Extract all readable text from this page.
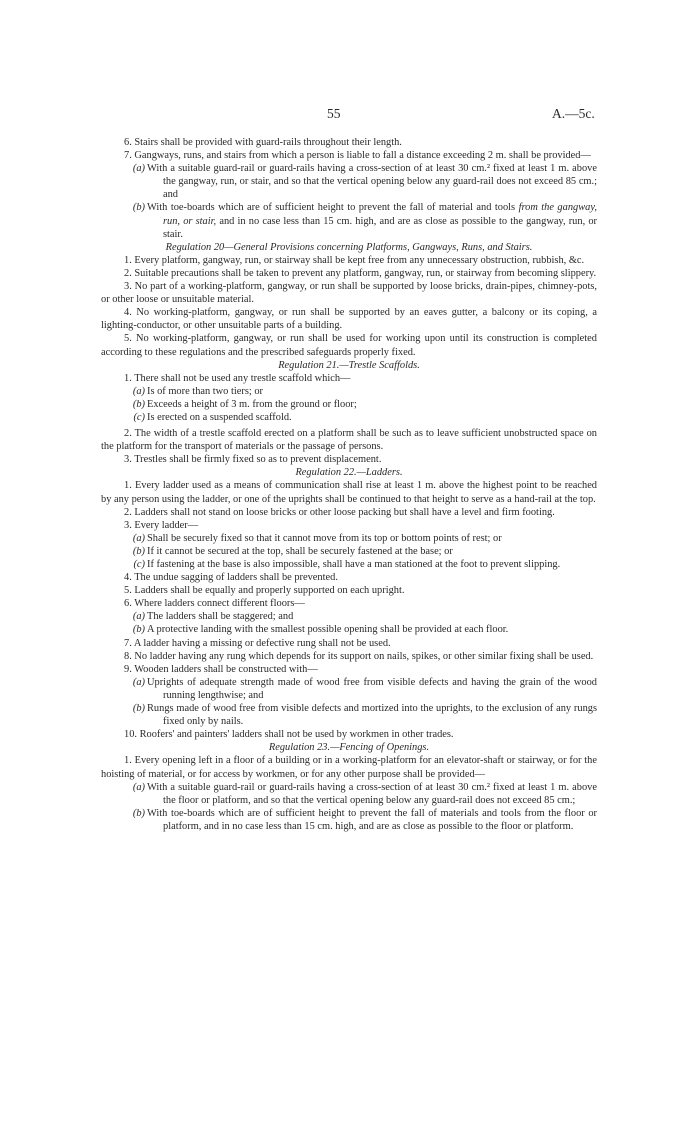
55	A.—5c.

6. Stairs shall be provided with guard-rails throughout their length.

7. Gangways, runs, and stairs from which a person is liable to fall a distance exceeding 2 m. shall be provided—

(a) With a suitable guard-rail or guard-rails having a cross-section of at least 30 cm.² fixed at least 1 m. above the gangway, run, or stair, and so that the vertical opening below any guard-rail does not exceed 85 cm.; and

(b) With toe-boards which are of sufficient height to prevent the fall of material and tools from the gangway, run, or stair, and in no case less than 15 cm. high, and are as close as possible to the gangway, run, or stair.

Regulation 20—General Provisions concerning Platforms, Gangways, Runs, and Stairs.

1. Every platform, gangway, run, or stairway shall be kept free from any unnecessary obstruction, rubbish, &c.

2. Suitable precautions shall be taken to prevent any platform, gangway, run, or stairway from becoming slippery.

3. No part of a working-platform, gangway, or run shall be supported by loose bricks, drain-pipes, chimney-pots, or other loose or unsuitable material.

4. No working-platform, gangway, or run shall be supported by an eaves gutter, a balcony or its coping, a lighting-conductor, or other unsuitable parts of a building.

5. No working-platform, gangway, or run shall be used for working upon until its construction is completed according to these regulations and the prescribed safeguards properly fixed.

Regulation 21.—Trestle Scaffolds.

1. There shall not be used any trestle scaffold which—

(a) Is of more than two tiers; or

(b) Exceeds a height of 3 m. from the ground or floor;

(c) Is erected on a suspended scaffold.

2. The width of a trestle scaffold erected on a platform shall be such as to leave sufficient unobstructed space on the platform for the transport of materials or the passage of persons.

3. Trestles shall be firmly fixed so as to prevent displacement.

Regulation 22.—Ladders.

1. Every ladder used as a means of communication shall rise at least 1 m. above the highest point to be reached by any person using the ladder, or one of the uprights shall be continued to that height to serve as a hand-rail at the top.

2. Ladders shall not stand on loose bricks or other loose packing but shall have a level and firm footing.

3. Every ladder—

(a) Shall be securely fixed so that it cannot move from its top or bottom points of rest; or

(b) If it cannot be secured at the top, shall be securely fastened at the base; or

(c) If fastening at the base is also impossible, shall have a man stationed at the foot to prevent slipping.

4. The undue sagging of ladders shall be prevented.

5. Ladders shall be equally and properly supported on each upright.

6. Where ladders connect different floors—

(a) The ladders shall be staggered; and

(b) A protective landing with the smallest possible opening shall be provided at each floor.

7. A ladder having a missing or defective rung shall not be used.

8. No ladder having any rung which depends for its support on nails, spikes, or other similar fixing shall be used.

9. Wooden ladders shall be constructed with—

(a) Uprights of adequate strength made of wood free from visible defects and having the grain of the wood running lengthwise; and

(b) Rungs made of wood free from visible defects and mortized into the uprights, to the exclusion of any rungs fixed only by nails.

10. Roofers' and painters' ladders shall not be used by workmen in other trades.

Regulation 23.—Fencing of Openings.

1. Every opening left in a floor of a building or in a working-platform for an elevator-shaft or stairway, or for the hoisting of material, or for access by workmen, or for any other purpose shall be provided—

(a) With a suitable guard-rail or guard-rails having a cross-section of at least 30 cm.² fixed at least 1 m. above the floor or platform, and so that the vertical opening below any guard-rail does not exceed 85 cm.;

(b) With toe-boards which are of sufficient height to prevent the fall of materials and tools from the floor or platform, and in no case less than 15 cm. high, and are as close as possible to the floor or platform.
